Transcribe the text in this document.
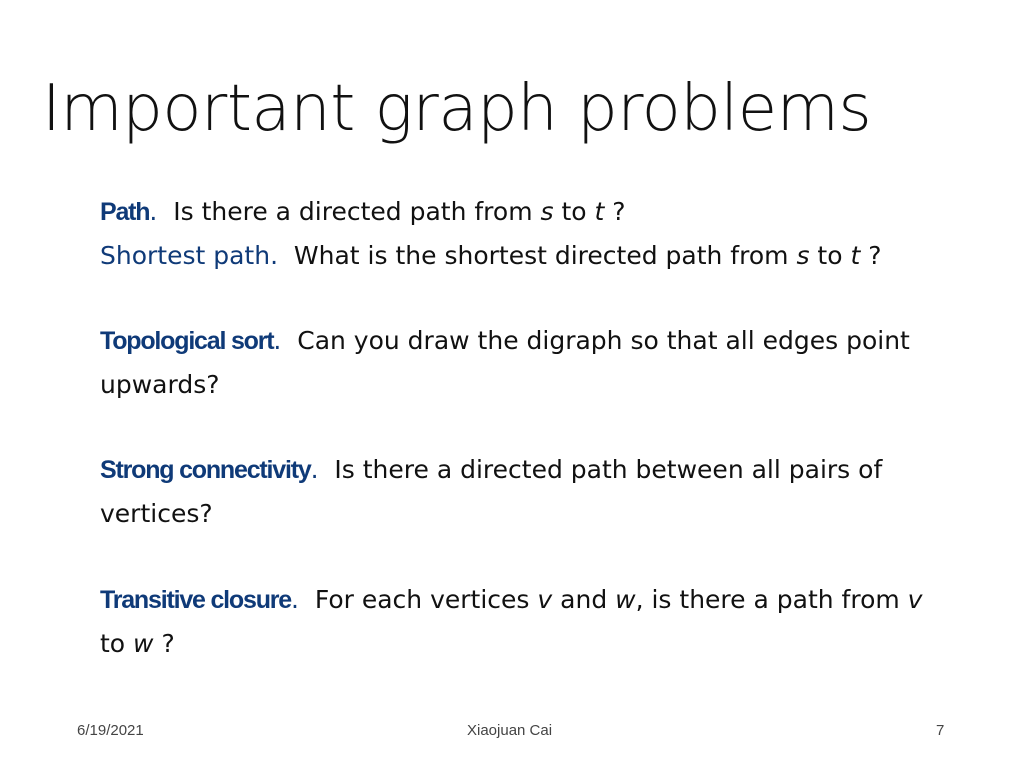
Important graph problems
Path.  Is there a directed path from s to t ?
Shortest path.  What is the shortest directed path from s to t ?
Topological sort.  Can you draw the digraph so that all edges point
upwards?
Strong connectivity.  Is there a directed path between all pairs of
vertices?
Transitive closure.  For each vertices v and w, is there a path from v
to w ?
6/19/2021	Xiaojuan Cai	7
